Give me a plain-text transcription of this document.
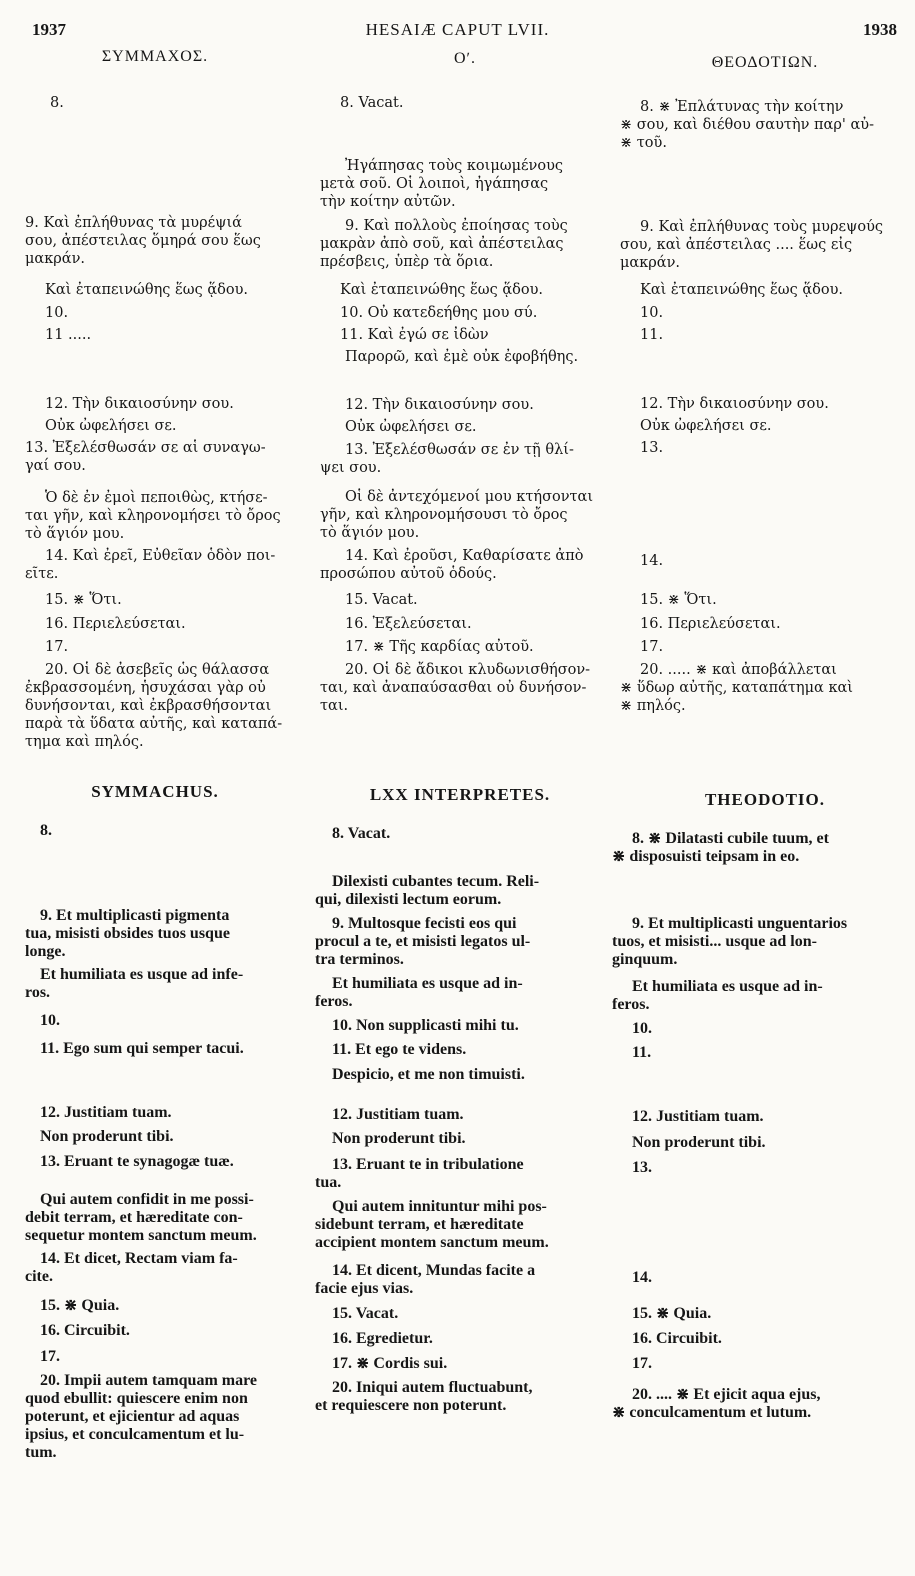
1937	HESAIÆ CAPUT LVII.	1938
ΣΥΜΜΑΧΟΣ.	Οʹ.	ΘΕΟΔΟΤΙΩΝ.
8.
9. Καὶ ἐπλήθυνας τὰ μυρέψιά
σου, ἀπέστειλας ὅμηρά σου ἕως
μακράν.
Καὶ ἐταπεινώθης ἕως ᾅδου.
10.
11 .....
12. Τὴν δικαιοσύνην σου.
Οὐκ ὠφελήσει σε.
13. Ἐξελέσθωσάν σε αἱ συναγω-
γαί σου.
Ὁ δὲ ἐν ἐμοὶ πεποιθὼς, κτήσε-
ται γῆν, καὶ κληρονομήσει τὸ ὄρος
τὸ ἅγιόν μου.
14. Καὶ ἐρεῖ, Εὐθεῖαν ὁδὸν ποι-
εῖτε.
15. ⋇ Ὅτι.
16. Περιελεύσεται.
17.
20. Οἱ δὲ ἀσεβεῖς ὡς θάλασσα
ἐκβρασσομένη, ἡσυχάσαι γὰρ οὐ
δυνήσονται, καὶ ἐκβρασθήσονται
παρὰ τὰ ὕδατα αὐτῆς, καὶ καταπά-
τημα καὶ πηλός.
8. Vacat.
Ἠγάπησας τοὺς κοιμωμένους
μετὰ σοῦ. Οἱ λοιποὶ, ἠγάπησας
τὴν κοίτην αὐτῶν.
9. Καὶ πολλοὺς ἐποίησας τοὺς
μακρὰν ἀπὸ σοῦ, καὶ ἀπέστειλας
πρέσβεις, ὑπὲρ τὰ ὅρια.
Καὶ ἐταπεινώθης ἕως ᾅδου.
10. Οὐ κατεδεήθης μου σύ.
11. Καὶ ἐγώ σε ἰδὼν
Παρορῶ, καὶ ἐμὲ οὐκ ἐφοβήθης.
12. Τὴν δικαιοσύνην σου.
Οὐκ ὠφελήσει σε.
13. Ἐξελέσθωσάν σε ἐν τῇ θλί-
ψει σου.
Οἱ δὲ ἀντεχόμενοί μου κτήσονται
γῆν, καὶ κληρονομήσουσι τὸ ὄρος
τὸ ἅγιόν μου.
14. Καὶ ἐροῦσι, Καθαρίσατε ἀπὸ
προσώπου αὐτοῦ ὁδούς.
15. Vacat.
16. Ἐξελεύσεται.
17. ⋇ Τῆς καρδίας αὐτοῦ.
20. Οἱ δὲ ἄδικοι κλυδωνισθήσον-
ται, καὶ ἀναπαύσασθαι οὐ δυνήσον-
ται.
8. ⋇ Ἐπλάτυνας τὴν κοίτην
⋇ σου, καὶ διέθου σαυτὴν παρ' αὐ-
⋇ τοῦ.
9. Καὶ ἐπλήθυνας τοὺς μυρεψούς
σου, καὶ ἀπέστειλας .... ἕως εἰς
μακράν.
Καὶ ἐταπεινώθης ἕως ᾅδου.
10.
11.
12. Τὴν δικαιοσύνην σου.
Οὐκ ὠφελήσει σε.
13.
14.
15. ⋇ Ὅτι.
16. Περιελεύσεται.
17.
20. ..... ⋇ καὶ ἀποβάλλεται
⋇ ὕδωρ αὐτῆς, καταπάτημα καὶ
⋇ πηλός.
SYMMACHUS.	LXX INTERPRETES.	THEODOTIO.
8.
9. Et multiplicasti pigmenta
tua, misisti obsides tuos usque
longe.
Et humiliata es usque ad infe-
ros.
10.
11. Ego sum qui semper tacui.
12. Justitiam tuam.
Non proderunt tibi.
13. Eruant te synagogæ tuæ.
Qui autem confidit in me possi-
debit terram, et hæreditate con-
sequetur montem sanctum meum.
14. Et dicet, Rectam viam fa-
cite.
15. ⋇ Quia.
16. Circuibit.
17.
20. Impii autem tamquam mare
quod ebullit: quiescere enim non
poterunt, et ejicientur ad aquas
ipsius, et conculcamentum et lu-
tum.
8. Vacat.
Dilexisti cubantes tecum. Reli-
qui, dilexisti lectum eorum.
9. Multosque fecisti eos qui
procul a te, et misisti legatos ul-
tra terminos.
Et humiliata es usque ad in-
feros.
10. Non supplicasti mihi tu.
11. Et ego te videns.
Despicio, et me non timuisti.
12. Justitiam tuam.
Non proderunt tibi.
13. Eruant te in tribulatione
tua.
Qui autem innituntur mihi pos-
sidebunt terram, et hæreditate
accipient montem sanctum meum.
14. Et dicent, Mundas facite a
facie ejus vias.
15. Vacat.
16. Egredietur.
17. ⋇ Cordis sui.
20. Iniqui autem fluctuabunt,
et requiescere non poterunt.
8. ⋇ Dilatasti cubile tuum, et
⋇ disposuisti teipsam in eo.
9. Et multiplicasti unguentarios
tuos, et misisti... usque ad lon-
ginquum.
Et humiliata es usque ad in-
feros.
10.
11.
12. Justitiam tuam.
Non proderunt tibi.
13.
14.
15. ⋇ Quia.
16. Circuibit.
17.
20. .... ⋇ Et ejicit aqua ejus,
⋇ conculcamentum et lutum.
